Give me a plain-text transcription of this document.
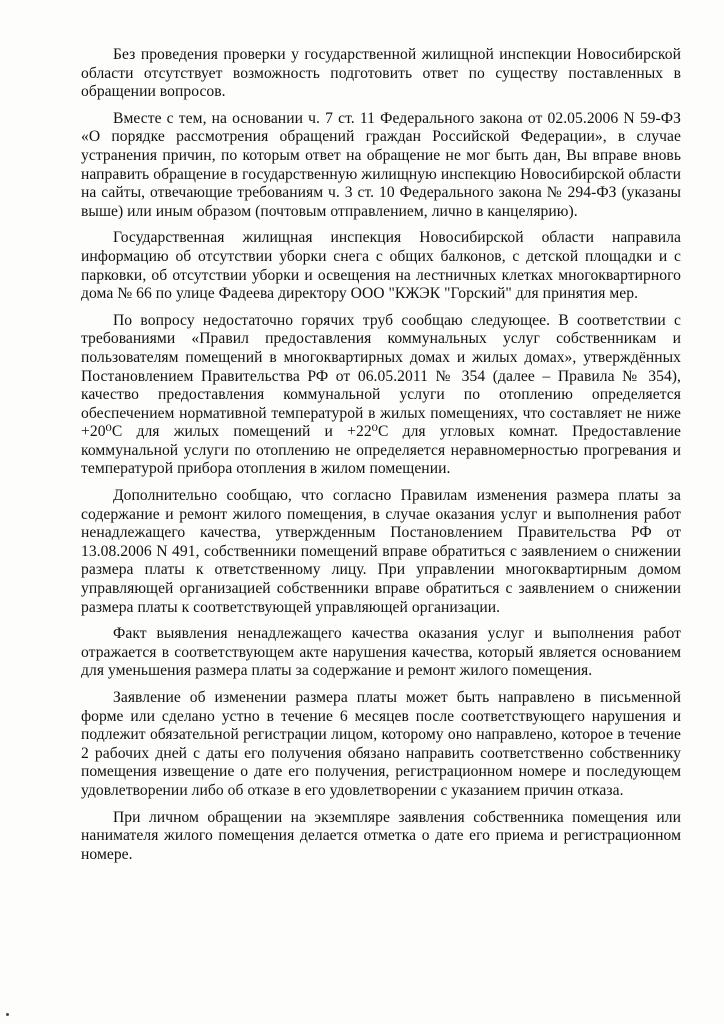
Без проведения проверки у государственной жилищной инспекции Новосибирской области отсутствует возможность подготовить ответ по существу поставленных в обращении вопросов.

Вместе с тем, на основании ч. 7 ст. 11 Федерального закона от 02.05.2006 N 59-ФЗ «О порядке рассмотрения обращений граждан Российской Федерации», в случае устранения причин, по которым ответ на обращение не мог быть дан, Вы вправе вновь направить обращение в государственную жилищную инспекцию Новосибирской области на сайты, отвечающие требованиям ч. 3 ст. 10 Федерального закона № 294-ФЗ (указаны выше) или иным образом (почтовым отправлением, лично в канцелярию).

Государственная жилищная инспекция Новосибирской области направила информацию об отсутствии уборки снега с общих балконов, с детской площадки и с парковки, об отсутствии уборки и освещения на лестничных клетках многоквартирного дома № 66 по улице Фадеева директору ООО "КЖЭК "Горский" для принятия мер.

По вопросу недостаточно горячих труб сообщаю следующее. В соответствии с требованиями «Правил предоставления коммунальных услуг собственникам и пользователям помещений в многоквартирных домах и жилых домах», утверждённых Постановлением Правительства РФ от 06.05.2011 № 354 (далее – Правила № 354), качество предоставления коммунальной услуги по отоплению определяется обеспечением нормативной температурой в жилых помещениях, что составляет не ниже +20⁰С для жилых помещений и +22⁰С для угловых комнат. Предоставление коммунальной услуги по отоплению не определяется неравномерностью прогревания и температурой прибора отопления в жилом помещении.

Дополнительно сообщаю, что согласно Правилам изменения размера платы за содержание и ремонт жилого помещения, в случае оказания услуг и выполнения работ ненадлежащего качества, утвержденным Постановлением Правительства РФ от 13.08.2006 N 491, собственники помещений вправе обратиться с заявлением о снижении размера платы к ответственному лицу. При управлении многоквартирным домом управляющей организацией собственники вправе обратиться с заявлением о снижении размера платы к соответствующей управляющей организации.

Факт выявления ненадлежащего качества оказания услуг и выполнения работ отражается в соответствующем акте нарушения качества, который является основанием для уменьшения размера платы за содержание и ремонт жилого помещения.

Заявление об изменении размера платы может быть направлено в письменной форме или сделано устно в течение 6 месяцев после соответствующего нарушения и подлежит обязательной регистрации лицом, которому оно направлено, которое в течение 2 рабочих дней с даты его получения обязано направить соответственно собственнику помещения извещение о дате его получения, регистрационном номере и последующем удовлетворении либо об отказе в его удовлетворении с указанием причин отказа.

При личном обращении на экземпляре заявления собственника помещения или нанимателя жилого помещения делается отметка о дате его приема и регистрационном номере.
